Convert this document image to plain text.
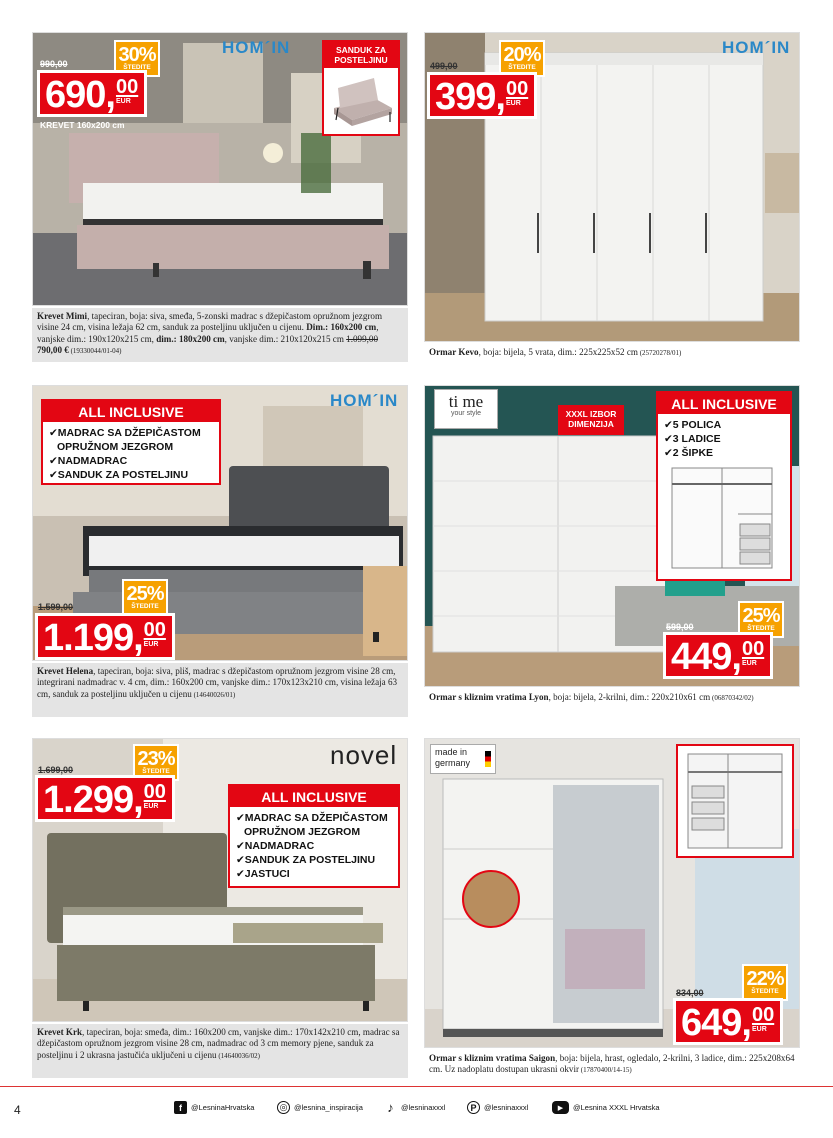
HOM´IN
30%
ŠTEDITE
990,00
690, 00
EUR
KREVET 160x200 cm
SANDUK ZA POSTELJINU
Krevet Mimi, tapeciran, boja: siva, smeđa, 5-zonski madrac s džepičastom opružnom jezgrom visine 24 cm, visina ležaja 62 cm, sanduk za posteljinu uključen u cijenu. Dim.: 160x200 cm, vanjske dim.: 190x120x215 cm, dim.: 180x200 cm, vanjske dim.: 210x120x215 cm 1.099,00 790,00 € (19330044/01-04)
HOM´IN
20%
ŠTEDITE
499,00
399, 00
EUR
Ormar Kevo, boja: bijela, 5 vrata, dim.: 225x225x52 cm (25720278/01)
HOM´IN
ALL INCLUSIVE
✔MADRAC SA DŽEPIČASTOM
OPRUŽNOM JEZGROM
✔NADMADRAC
✔SANDUK ZA POSTELJINU
25%
ŠTEDITE
1.599,00
1.199, 00
EUR
Krevet Helena, tapeciran, boja: siva, pliš, madrac s džepičastom opružnom jezgrom visine 28 cm, integrirani nadmadrac v. 4 cm, dim.: 160x200 cm, vanjske dim.: 170x123x210 cm, visina ležaja 63 cm, sanduk za posteljinu uključen u cijenu (14640026/01)
ti me
your style	XXXL IZBOR DIMENZIJA
ALL INCLUSIVE
✔5 POLICA
✔3 LADICE
✔2 ŠIPKE
25%
ŠTEDITE
599,00
449, 00
EUR
Ormar s kliznim vratima Lyon, boja: bijela, 2-krilni, dim.: 220x210x61 cm (06870342/02)
novel
23%
ŠTEDITE
1.699,00
1.299, 00
EUR
ALL INCLUSIVE
✔MADRAC SA DŽEPIČASTOM
OPRUŽNOM JEZGROM
✔NADMADRAC
✔SANDUK ZA POSTELJINU
✔JASTUCI
Krevet Krk, tapeciran, boja: smeđa, dim.: 160x200 cm, vanjske dim.: 170x142x210 cm, madrac sa džepičastom opružnom jezgrom visine 28 cm, nadmadrac od 3 cm memory pjene, sanduk za posteljinu i 2 ukrasna jastučića uključeni u cijenu (14640036/02)
made in
germany
22%
ŠTEDITE
834,00
649, 00
EUR
Ormar s kliznim vratima Saigon, boja: bijela, hrast, ogledalo, 2-krilni, 3 ladice, dim.: 225x208x64 cm. Uz nadoplatu dostupan ukrasni okvir (17870400/14-15)
4	f	@LesninaHrvatska	◎ @lesnina_inspiracija ♪ @lesninaxxxl	P	@lesninaxxxl	▶	@Lesnina XXXL Hrvatska
